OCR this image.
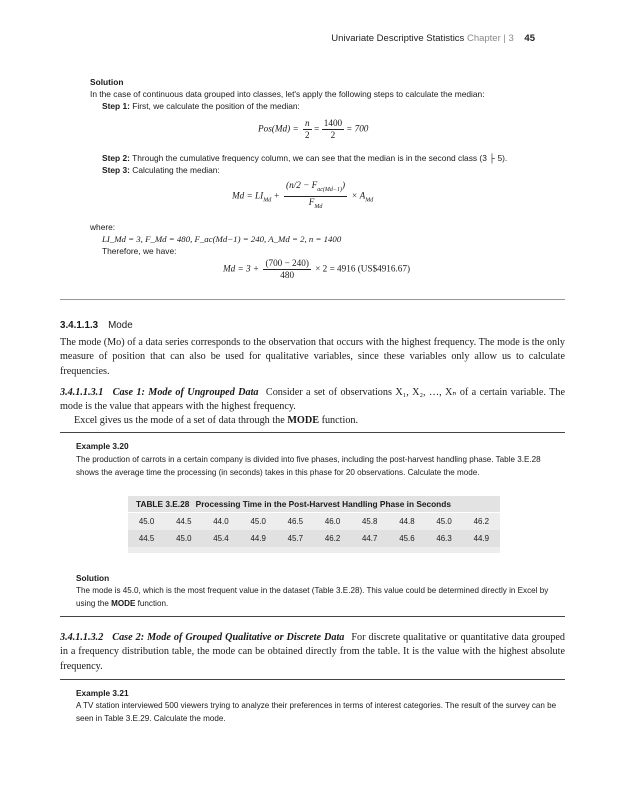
Univariate Descriptive Statistics Chapter | 3 45
Solution
In the case of continuous data grouped into classes, let's apply the following steps to calculate the median:
Step 1: First, we calculate the position of the median:
$Pos(Md) = \frac{n}{2} = \frac{1400}{2} = 700$
Step 2: Through the cumulative frequency column, we can see that the median is in the second class (3 ├ 5).
Step 3: Calculating the median:
$Md = LI_{Md} + \frac{(n/2 - F_{ac(Md-1)})}{F_{Md}} \times A_{Md}$
where:
LI_Md = 3, F_Md = 480, F_ac(Md−1) = 240, A_Md = 2, n = 1400
Therefore, we have:
$Md = 3 + \frac{(700 - 240)}{480} \times 2 = 4916$ (US$4916.67)
3.4.1.1.3 Mode
The mode (Mo) of a data series corresponds to the observation that occurs with the highest frequency. The mode is the only measure of position that can also be used for qualitative variables, since these variables only allow us to calculate frequencies.
3.4.1.1.3.1 Case 1: Mode of Ungrouped Data Consider a set of observations X₁, X₂, …, Xₙ of a certain variable. The mode is the value that appears with the highest frequency.
Excel gives us the mode of a set of data through the MODE function.
Example 3.20
The production of carrots in a certain company is divided into five phases, including the post-harvest handling phase. Table 3.E.28 shows the average time the processing (in seconds) takes in this phase for 20 observations. Calculate the mode.
TABLE 3.E.28 Processing Time in the Post-Harvest Handling Phase in Seconds									
45.0	44.5	44.0	45.0	46.5	46.0	45.8	44.8	45.0	46.2
44.5	45.0	45.4	44.9	45.7	46.2	44.7	45.6	46.3	44.9

Solution
The mode is 45.0, which is the most frequent value in the dataset (Table 3.E.28). This value could be determined directly in Excel by using the MODE function.
3.4.1.1.3.2 Case 2: Mode of Grouped Qualitative or Discrete Data For discrete qualitative or quantitative data grouped in a frequency distribution table, the mode can be obtained directly from the table. It is the value with the highest absolute frequency.
Example 3.21
A TV station interviewed 500 viewers trying to analyze their preferences in terms of interest categories. The result of the survey can be seen in Table 3.E.29. Calculate the mode.
